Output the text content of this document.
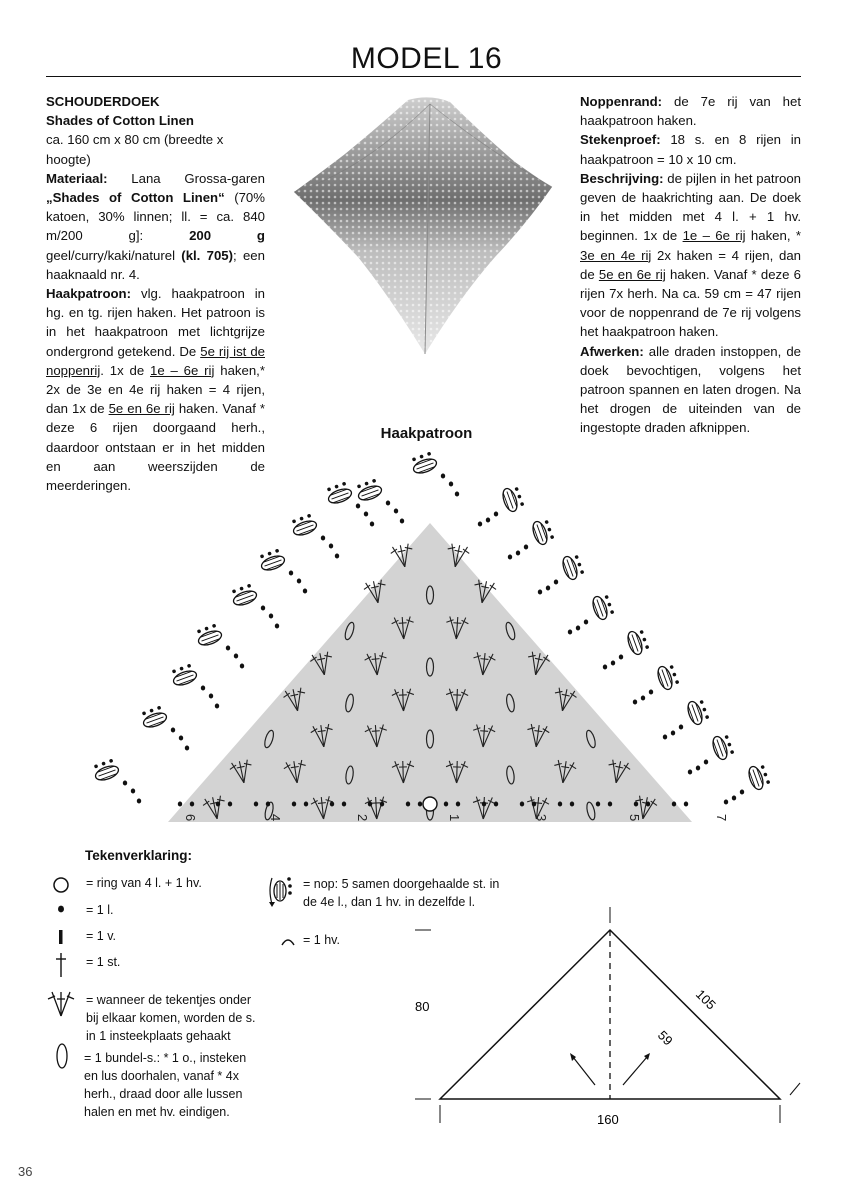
MODEL 16

SCHOUDERDOEK

Shades of Cotton Linen

ca. 160 cm x 80 cm (breedte x hoogte)

Materiaal: Lana Grossa-garen „Shades of Cotton Linen“ (70% katoen, 30% linnen; ll. = ca. 840 m/200 g]:	200 g geel/curry/kaki/naturel (kl. 705); een haaknaald nr. 4.

Haakpatroon: vlg. haakpatroon in hg. en tg. rijen haken. Het patroon is in het haakpatroon met lichtgrijze ondergrond getekend. De 5e rij ist de noppenrij. 1x de 1e – 6e rij haken,* 2x de 3e en 4e rij haken = 4 rijen, dan 1x de 5e en 6e rij haken. Vanaf * deze 6 rijen doorgaand herh., daardoor ontstaan er in het midden en aan weerszijden de meerderingen.

Noppenrand: de 7e rij van het haakpatroon haken.

Stekenproef: 18 s. en 8 rijen in haakpatroon = 10 x 10 cm.

Beschrijving: de pijlen in het patroon geven de haakrichting aan. De doek in het midden met 4 l. + 1 hv. beginnen. 1x de 1e – 6e rij haken, * 3e en 4e rij 2x haken = 4 rijen, dan de 5e en 6e rij haken. Vanaf * deze 6 rijen 7x herh. Na ca. 59 cm = 47 rijen voor de noppenrand de 7e rij volgens het haakpatroon haken.

Afwerken: alle draden instoppen, de doek bevochtigen, volgens het patroon spannen en laten drogen. Na het drogen de uiteinden van de ingestopte draden afknippen.

Haakpatroon
6	4	2	1	3	5	7
Tekenverklaring:
= ring van 4 l. + 1 hv.
= 1 l.
= 1 v.
= 1 st.
= wanneer de tekentjes onder bij elkaar komen, worden de s. in 1 insteekplaats gehaakt
= 1 bundel-s.: * 1 o., insteken en lus doorhalen, vanaf * 4x herh., draad door alle lussen halen en met hv. eindigen.
= nop: 5 samen doorgehaalde st. in de 4e l., dan 1 hv. in dezelfde l.
= 1 hv.
80	105
59
160
36
